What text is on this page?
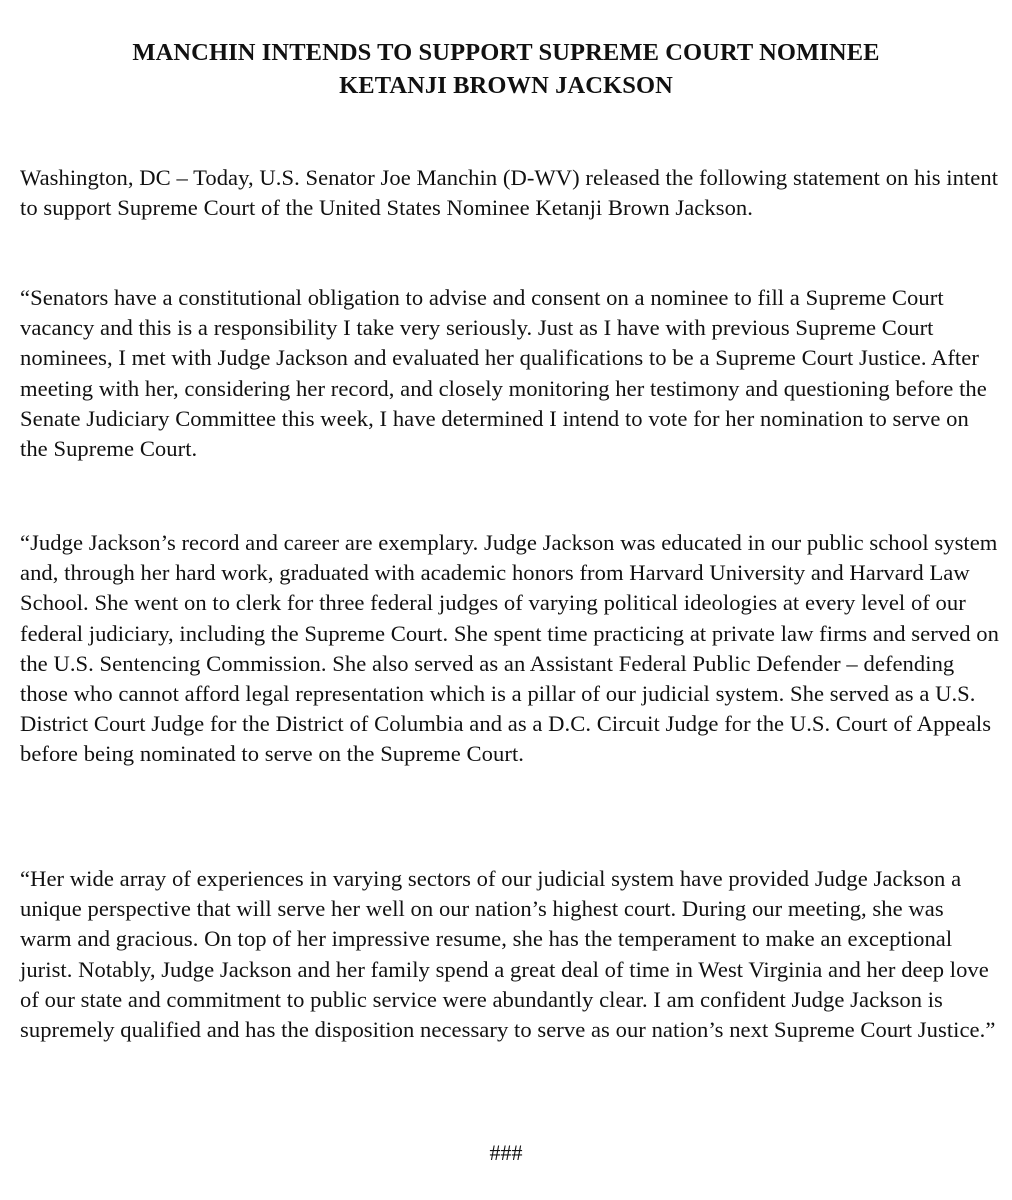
MANCHIN INTENDS TO SUPPORT SUPREME COURT NOMINEE
KETANJI BROWN JACKSON

Washington, DC – Today, U.S. Senator Joe Manchin (D-WV) released the following statement on his intent to support Supreme Court of the United States Nominee Ketanji Brown Jackson.

“Senators have a constitutional obligation to advise and consent on a nominee to fill a Supreme Court vacancy and this is a responsibility I take very seriously. Just as I have with previous Supreme Court nominees, I met with Judge Jackson and evaluated her qualifications to be a Supreme Court Justice. After meeting with her, considering her record, and closely monitoring her testimony and questioning before the Senate Judiciary Committee this week, I have determined I intend to vote for her nomination to serve on the Supreme Court.

“Judge Jackson’s record and career are exemplary. Judge Jackson was educated in our public school system and, through her hard work, graduated with academic honors from Harvard University and Harvard Law School. She went on to clerk for three federal judges of varying political ideologies at every level of our federal judiciary, including the Supreme Court. She spent time practicing at private law firms and served on the U.S. Sentencing Commission. She also served as an Assistant Federal Public Defender – defending those who cannot afford legal representation which is a pillar of our judicial system. She served as a U.S. District Court Judge for the District of Columbia and as a D.C. Circuit Judge for the U.S. Court of Appeals before being nominated to serve on the Supreme Court.

“Her wide array of experiences in varying sectors of our judicial system have provided Judge Jackson a unique perspective that will serve her well on our nation’s highest court. During our meeting, she was warm and gracious. On top of her impressive resume, she has the temperament to make an exceptional jurist. Notably, Judge Jackson and her family spend a great deal of time in West Virginia and her deep love of our state and commitment to public service were abundantly clear. I am confident Judge Jackson is supremely qualified and has the disposition necessary to serve as our nation’s next Supreme Court Justice.”

###
